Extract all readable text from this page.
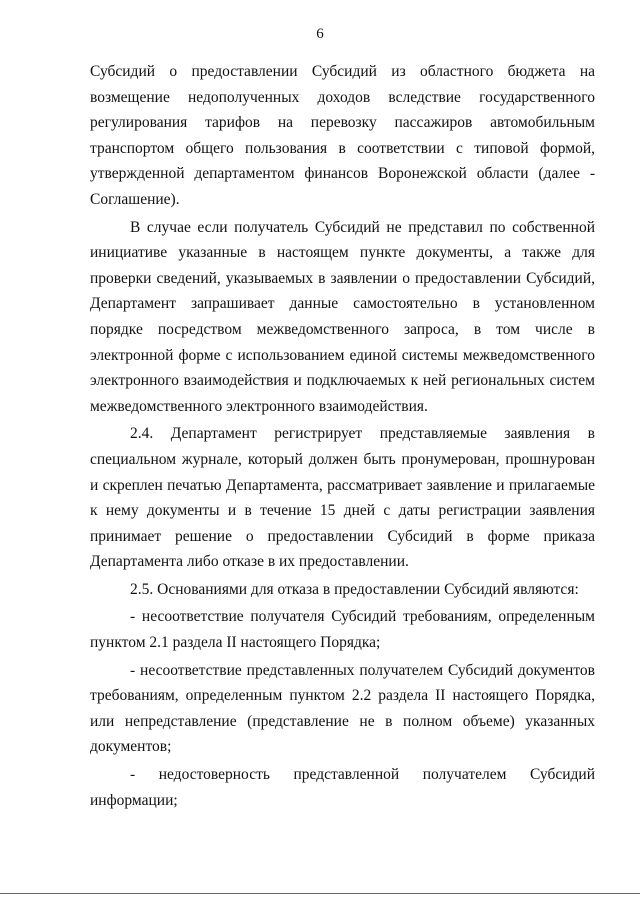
6

Субсидий о предоставлении Субсидий из областного бюджета на возмещение недополученных доходов вследствие государственного регулирования тарифов на перевозку пассажиров автомобильным транспортом общего пользования в соответствии с типовой формой, утвержденной департаментом финансов Воронежской области (далее - Соглашение).

В случае если получатель Субсидий не представил по собственной инициативе указанные в настоящем пункте документы, а также для проверки сведений, указываемых в заявлении о предоставлении Субсидий, Департамент запрашивает данные самостоятельно в установленном порядке посредством межведомственного запроса, в том числе в электронной форме с использованием единой системы межведомственного электронного взаимодействия и подключаемых к ней региональных систем межведомственного электронного взаимодействия.

2.4. Департамент регистрирует представляемые заявления в специальном журнале, который должен быть пронумерован, прошнурован и скреплен печатью Департамента, рассматривает заявление и прилагаемые к нему документы и в течение 15 дней с даты регистрации заявления принимает решение о предоставлении Субсидий в форме приказа Департамента либо отказе в их предоставлении.

2.5. Основаниями для отказа в предоставлении Субсидий являются:

- несоответствие получателя Субсидий требованиям, определенным пунктом 2.1 раздела II настоящего Порядка;

- несоответствие представленных получателем Субсидий документов требованиям, определенным пунктом 2.2 раздела II настоящего Порядка, или непредставление (представление не в полном объеме) указанных документов;

- недостоверность представленной получателем Субсидий информации;
